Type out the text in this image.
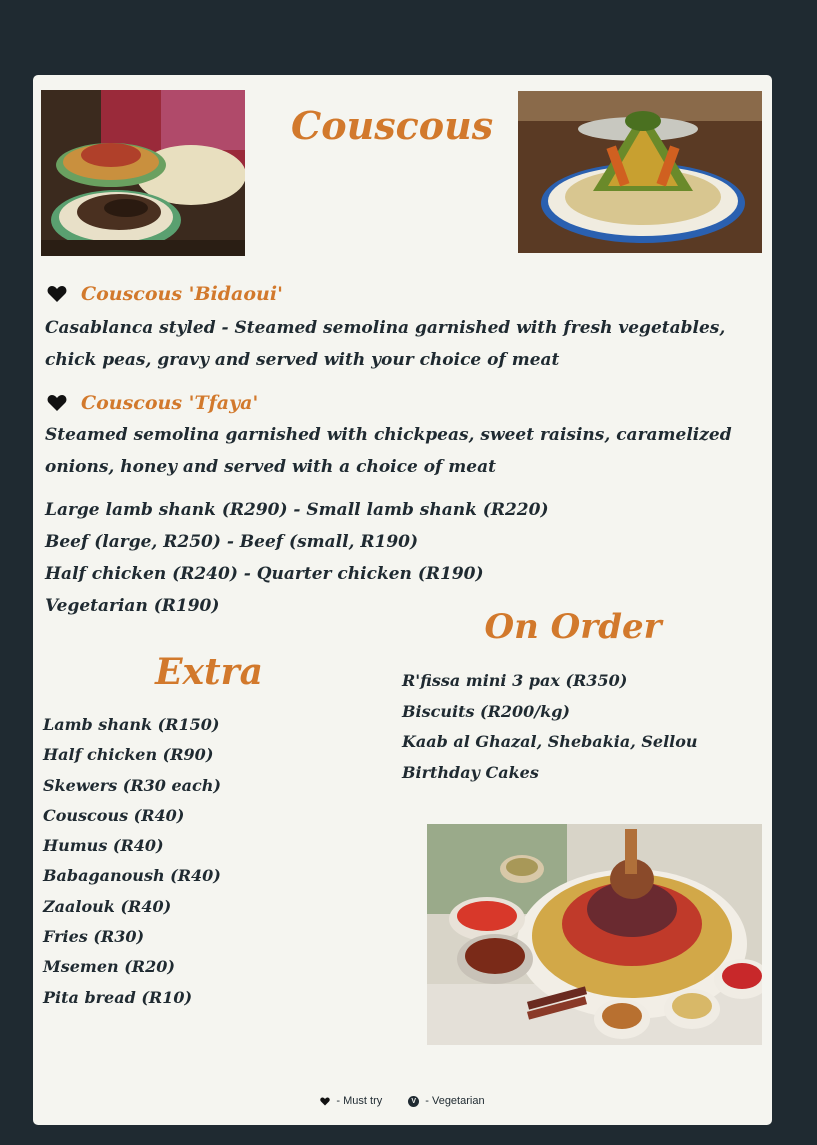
Couscous
Couscous 'Bidaoui'
Casablanca styled - Steamed semolina garnished with fresh vegetables, chick peas, gravy and served with your choice of meat
Couscous 'Tfaya'
Steamed semolina garnished with chickpeas, sweet raisins, caramelized onions, honey and served with a choice of meat
Large lamb shank (R290) - Small lamb shank (R220)
Beef (large, R250) - Beef (small, R190)
Half chicken (R240) - Quarter chicken (R190)
Vegetarian (R190)
On Order
R'fissa mini 3 pax (R350)
Biscuits (R200/kg)
Kaab al Ghazal, Shebakia, Sellou
Birthday Cakes
Extra
Lamb shank (R150)
Half chicken (R90)
Skewers (R30 each)
Couscous (R40)
Humus (R40)
Babaganoush (R40)
Zaalouk (R40)
Fries (R30)
Msemen (R20)
Pita bread (R10)
- Must try	V - Vegetarian
